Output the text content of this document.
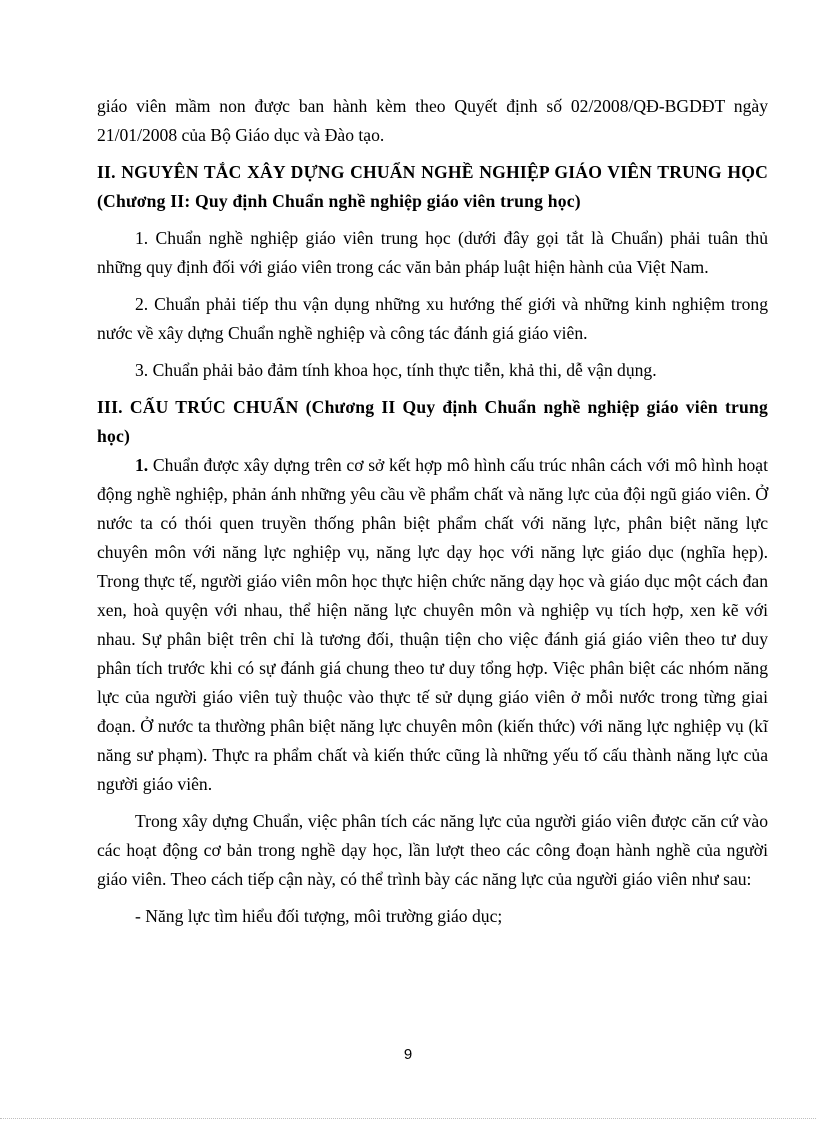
giáo viên mầm non được ban hành kèm theo Quyết định số 02/2008/QĐ-BGDĐT ngày 21/01/2008 của Bộ Giáo dục và Đào tạo.

II. NGUYÊN TẮC XÂY DỰNG CHUẨN NGHỀ NGHIỆP GIÁO VIÊN TRUNG HỌC (Chương II: Quy định Chuẩn nghề nghiệp giáo viên trung học)

1. Chuẩn nghề nghiệp giáo viên trung học (dưới đây gọi tắt là Chuẩn) phải tuân thủ những quy định đối với giáo viên trong các văn bản pháp luật hiện hành của Việt Nam.

2. Chuẩn phải tiếp thu vận dụng những xu hướng thế giới và những kinh nghiệm trong nước về xây dựng Chuẩn nghề nghiệp và công tác đánh giá giáo viên.

3. Chuẩn phải bảo đảm tính khoa học, tính thực tiễn, khả thi, dễ vận dụng.

III. CẤU TRÚC CHUẨN (Chương II Quy định Chuẩn nghề nghiệp giáo viên trung học)

1. Chuẩn được xây dựng trên cơ sở kết hợp mô hình cấu trúc nhân cách với mô hình hoạt động nghề nghiệp, phản ánh những yêu cầu về phẩm chất và năng lực của đội ngũ giáo viên. Ở nước ta có thói quen truyền thống phân biệt phẩm chất với năng lực, phân biệt năng lực chuyên môn với năng lực nghiệp vụ, năng lực dạy học với năng lực giáo dục (nghĩa hẹp). Trong thực tế, người giáo viên môn học thực hiện chức năng dạy học và giáo dục một cách đan xen, hoà quyện với nhau, thể hiện năng lực chuyên môn và nghiệp vụ tích hợp, xen kẽ với nhau. Sự phân biệt trên chỉ là tương đối, thuận tiện cho việc đánh giá giáo viên theo tư duy phân tích trước khi có sự đánh giá chung theo tư duy tổng hợp. Việc phân biệt các nhóm năng lực của người giáo viên tuỳ thuộc vào thực tế sử dụng giáo viên ở mỗi nước trong từng giai đoạn. Ở nước ta thường phân biệt năng lực chuyên môn (kiến thức) với năng lực nghiệp vụ (kĩ năng sư phạm). Thực ra phẩm chất và kiến thức cũng là những yếu tố cấu thành năng lực của người giáo viên.

Trong xây dựng Chuẩn, việc phân tích các năng lực của người giáo viên được căn cứ vào các hoạt động cơ bản trong nghề dạy học, lần lượt theo các công đoạn hành nghề của người giáo viên. Theo cách tiếp cận này, có thể trình bày các năng lực của người giáo viên như sau:

- Năng lực tìm hiểu đối tượng, môi trường giáo dục;

9
